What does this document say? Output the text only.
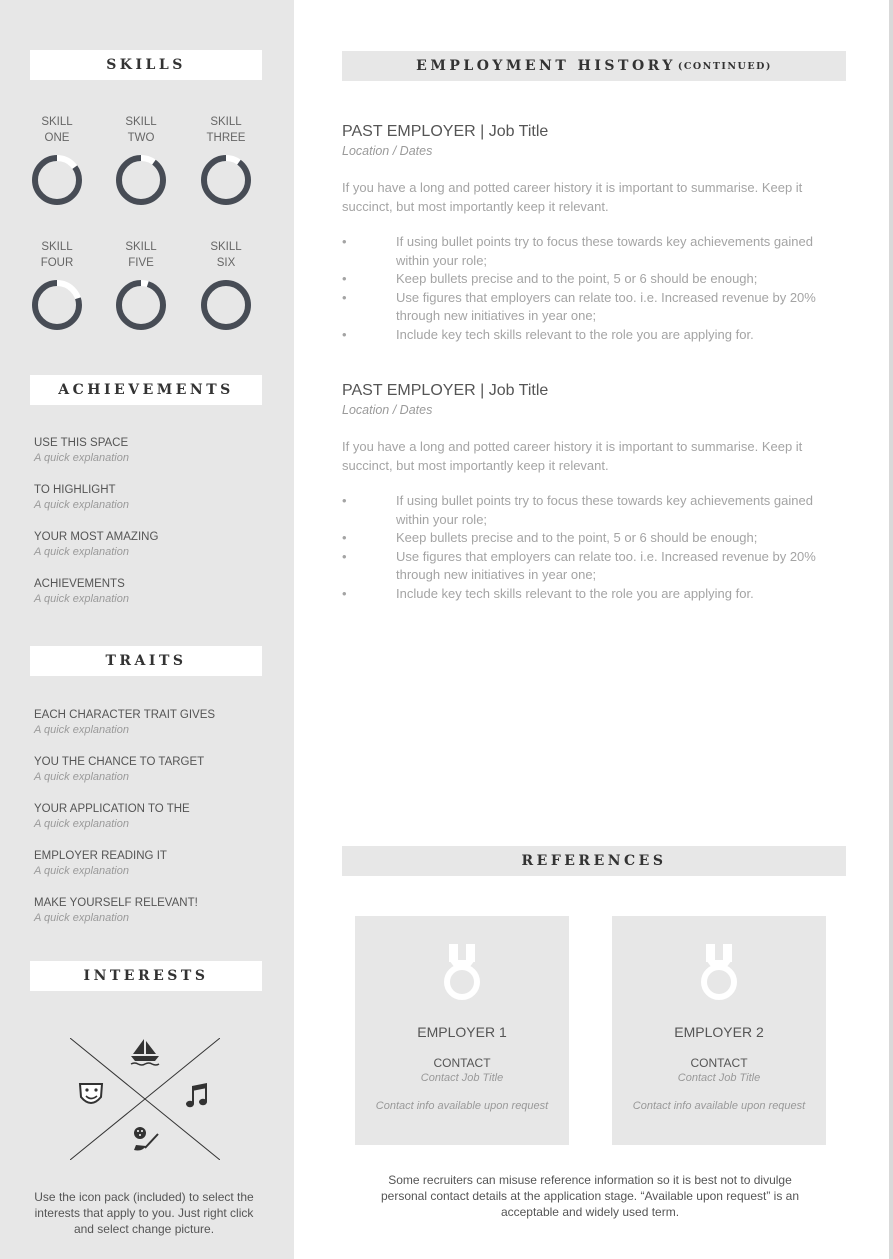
SKILLS
SKILL
ONE
SKILL
TWO
SKILL
THREE
SKILL
FOUR
SKILL
FIVE
SKILL
SIX
ACHIEVEMENTS
USE THIS SPACE
A quick explanation
TO HIGHLIGHT
A quick explanation
YOUR MOST AMAZING
A quick explanation
ACHIEVEMENTS
A quick explanation
TRAITS
EACH CHARACTER TRAIT GIVES
A quick explanation
YOU THE CHANCE TO TARGET
A quick explanation
YOUR APPLICATION TO THE
A quick explanation
EMPLOYER READING IT
A quick explanation
MAKE YOURSELF RELEVANT!
A quick explanation
INTERESTS
Use the icon pack (included) to select the interests that apply to you. Just right click and select change picture.
EMPLOYMENT HISTORY (CONTINUED)
PAST EMPLOYER | Job Title
Location / Dates
If you have a long and potted career history it is important to summarise. Keep it succinct, but most importantly keep it relevant.
• If using bullet points try to focus these towards key achievements gained within your role;
• Keep bullets precise and to the point, 5 or 6 should be enough;
• Use figures that employers can relate too. i.e. Increased revenue by 20% through new initiatives in year one;
• Include key tech skills relevant to the role you are applying for.
PAST EMPLOYER | Job Title
Location / Dates
If you have a long and potted career history it is important to summarise. Keep it succinct, but most importantly keep it relevant.
• If using bullet points try to focus these towards key achievements gained within your role;
• Keep bullets precise and to the point, 5 or 6 should be enough;
• Use figures that employers can relate too. i.e. Increased revenue by 20% through new initiatives in year one;
• Include key tech skills relevant to the role you are applying for.
REFERENCES
EMPLOYER 1
CONTACT
Contact Job Title
Contact info available upon request
EMPLOYER 2
CONTACT
Contact Job Title
Contact info available upon request
Some recruiters can misuse reference information so it is best not to divulge personal contact details at the application stage. “Available upon request” is an acceptable and widely used term.
